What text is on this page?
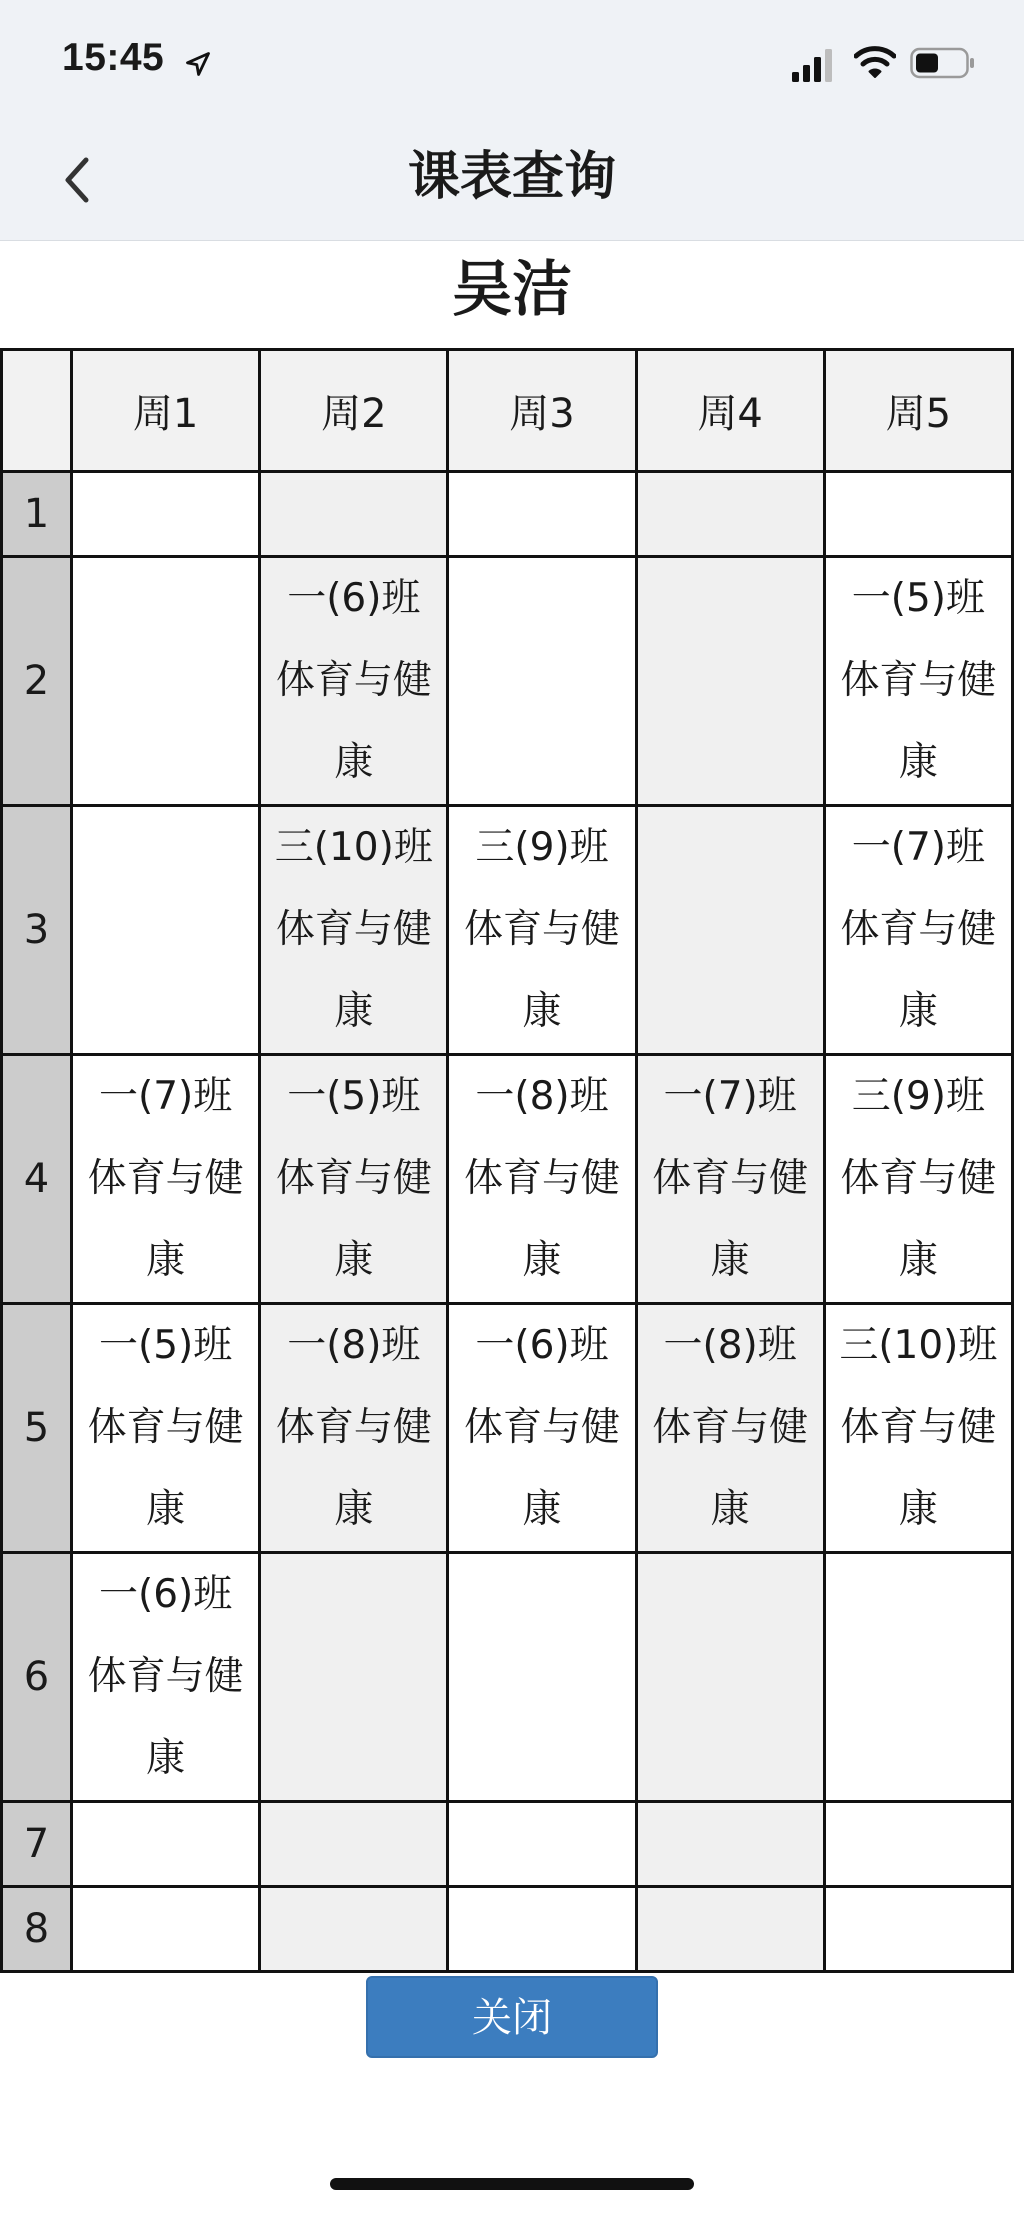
15:45
课表查询
吴洁
	周1	周2	周3	周4	周5
1					
2		一(6)班
体育与健
康			一(5)班
体育与健
康

3		三(10)班
体育与健
康	三(9)班
体育与健
康		一(7)班
体育与健
康

4	一(7)班
体育与健
康	一(5)班
体育与健
康	一(8)班
体育与健
康	一(7)班
体育与健
康	三(9)班
体育与健
康

5	一(5)班
体育与健
康	一(8)班
体育与健
康	一(6)班
体育与健
康	一(8)班
体育与健
康	三(10)班
体育与健
康

6	一(6)班
体育与健
康				

7					
8					
关闭
